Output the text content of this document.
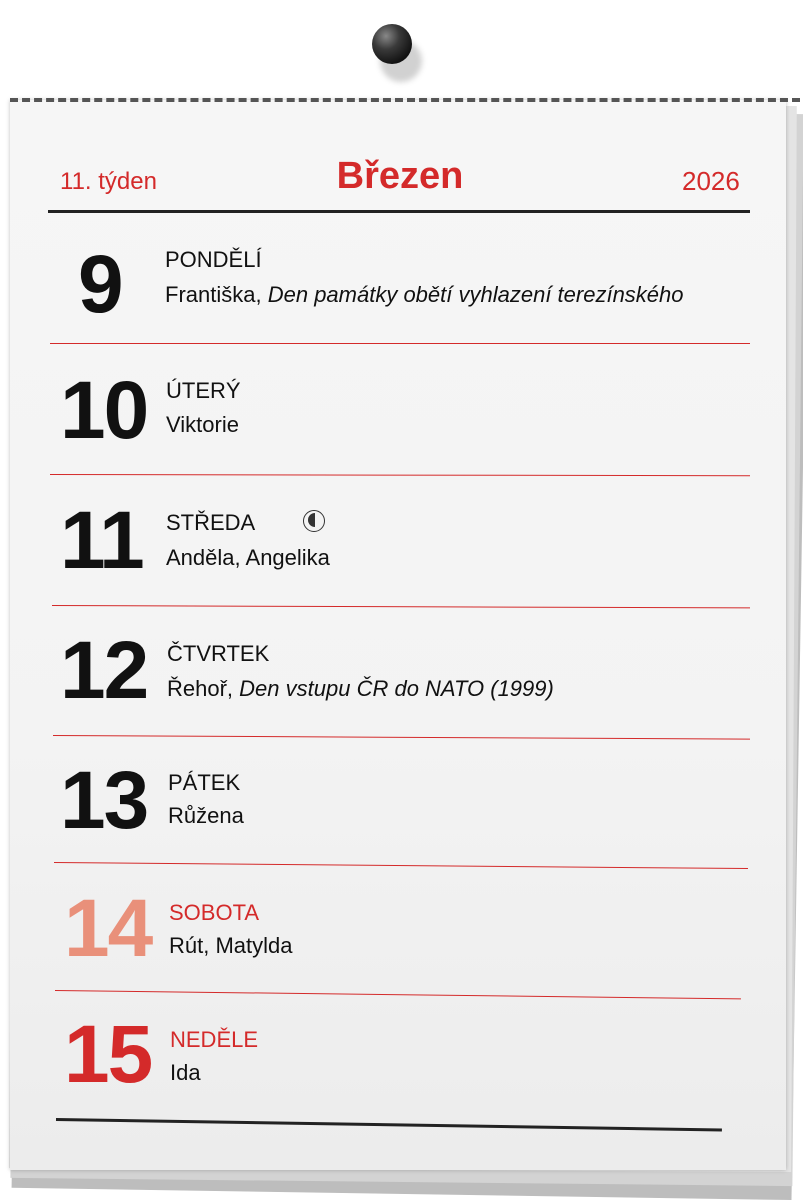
11. týden	Březen	2026
9 PONDĚLÍ
Františka, Den památky obětí vyhlazení terezínského
10 ÚTERÝ
Viktorie
11 STŘEDA
Anděla, Angelika
12 ČTVRTEK
Řehoř, Den vstupu ČR do NATO (1999)
13 PÁTEK
Růžena
14 SOBOTA
Rút, Matylda
15 NEDĚLE
Ida
